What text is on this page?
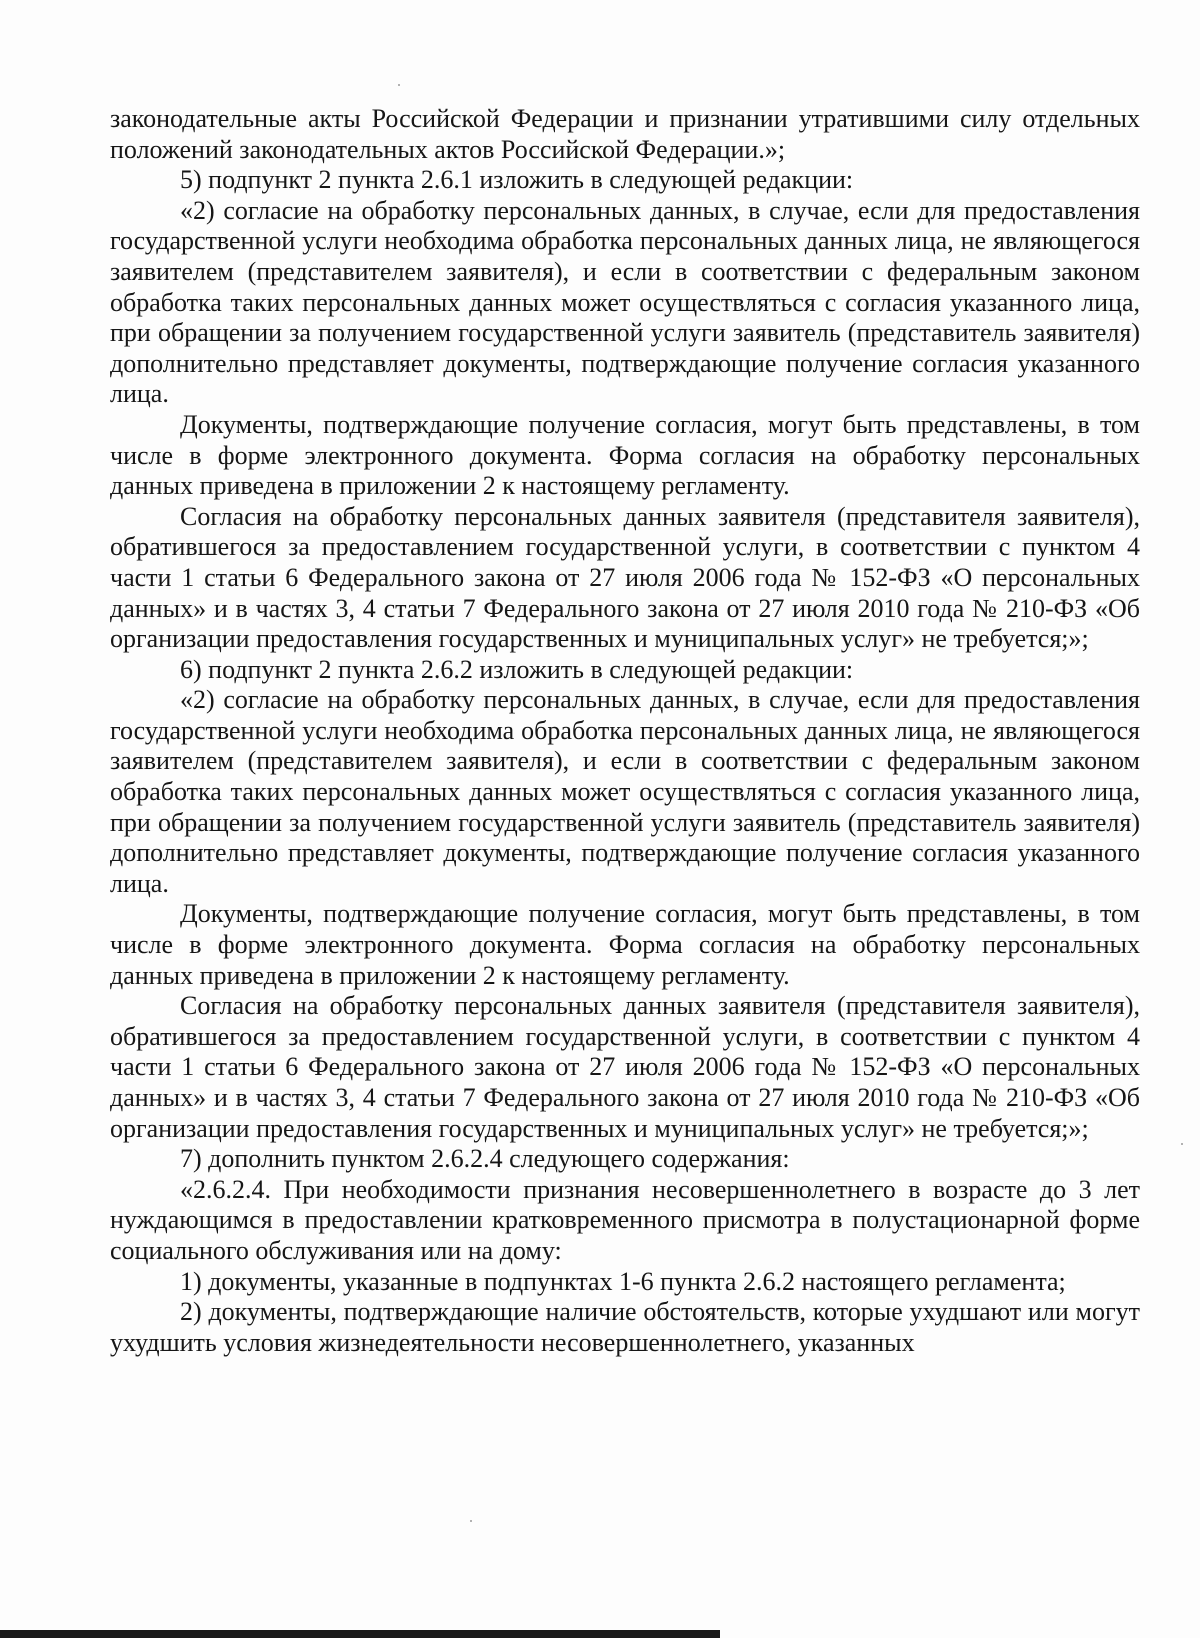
законодательные акты Российской Федерации и признании утратившими силу отдельных положений законодательных актов Российской Федерации.»;

5) подпункт 2 пункта 2.6.1 изложить в следующей редакции:

«2) согласие на обработку персональных данных, в случае, если для предоставления государственной услуги необходима обработка персональных данных лица, не являющегося заявителем (представителем заявителя), и если в соответствии с федеральным законом обработка таких персональных данных может осуществляться с согласия указанного лица, при обращении за получением государственной услуги заявитель (представитель заявителя) дополнительно представляет документы, подтверждающие получение согласия указанного лица.

Документы, подтверждающие получение согласия, могут быть представлены, в том числе в форме электронного документа. Форма согласия на обработку персональных данных приведена в приложении 2 к настоящему регламенту.

Согласия на обработку персональных данных заявителя (представителя заявителя), обратившегося за предоставлением государственной услуги, в соответствии с пунктом 4 части 1 статьи 6 Федерального закона от 27 июля 2006 года № 152-ФЗ «О персональных данных» и в частях 3, 4 статьи 7 Федерального закона от 27 июля 2010 года № 210-ФЗ «Об организации предоставления государственных и муниципальных услуг» не требуется;»;

6) подпункт 2 пункта 2.6.2 изложить в следующей редакции:

«2) согласие на обработку персональных данных, в случае, если для предоставления государственной услуги необходима обработка персональных данных лица, не являющегося заявителем (представителем заявителя), и если в соответствии с федеральным законом обработка таких персональных данных может осуществляться с согласия указанного лица, при обращении за получением государственной услуги заявитель (представитель заявителя) дополнительно представляет документы, подтверждающие получение согласия указанного лица.

Документы, подтверждающие получение согласия, могут быть представлены, в том числе в форме электронного документа. Форма согласия на обработку персональных данных приведена в приложении 2 к настоящему регламенту.

Согласия на обработку персональных данных заявителя (представителя заявителя), обратившегося за предоставлением государственной услуги, в соответствии с пунктом 4 части 1 статьи 6 Федерального закона от 27 июля 2006 года № 152-ФЗ «О персональных данных» и в частях 3, 4 статьи 7 Федерального закона от 27 июля 2010 года № 210-ФЗ «Об организации предоставления государственных и муниципальных услуг» не требуется;»;

7) дополнить пунктом 2.6.2.4 следующего содержания:

«2.6.2.4. При необходимости признания несовершеннолетнего в возрасте до 3 лет нуждающимся в предоставлении кратковременного присмотра в полустационарной форме социального обслуживания или на дому:

1) документы, указанные в подпунктах 1-6 пункта 2.6.2 настоящего регламента;

2) документы, подтверждающие наличие обстоятельств, которые ухудшают или могут ухудшить условия жизнедеятельности несовершеннолетнего, указанных
